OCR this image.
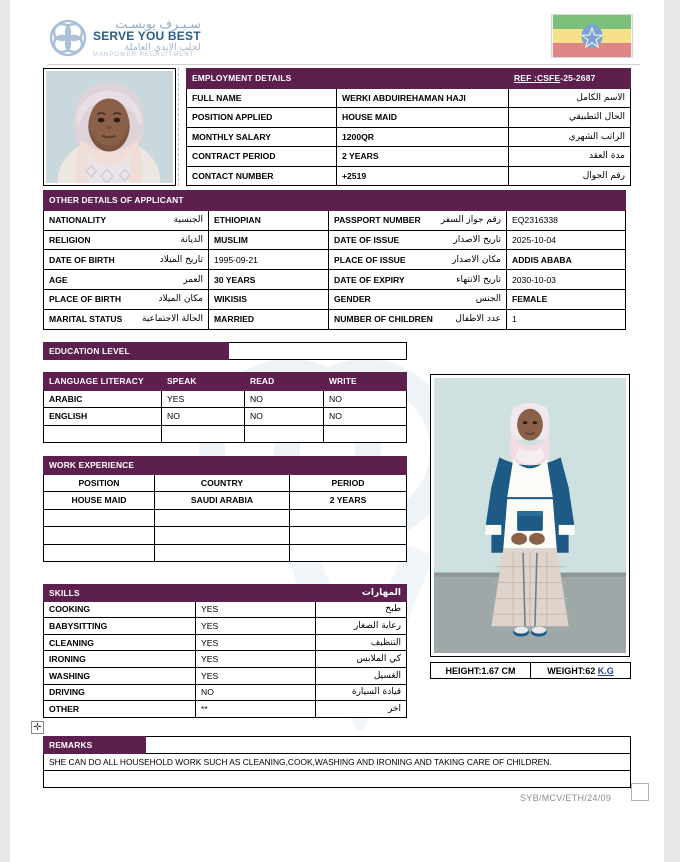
سـيـرف يوبسـت
SERVE YOU BEST
لجلب الايدي العاملة
MANPOWER RECRUITMENT
EMPLOYMENT DETAILS		REF :CSFE-25-2687
FULL NAME	WERKI ABDUIREHAMAN HAJI	الاسم الكامل
POSITION APPLIED	HOUSE MAID	الحال التطبيقي
MONTHLY SALARY	1200QR	الراتب الشهري
CONTRACT PERIOD	2 YEARS	مدة العقد
CONTACT NUMBER	+2519	رقم الجوال
OTHER DETAILS OF APPLICANT			
NATIONALITY الجنسية	ETHIOPIAN	PASSPORT NUMBER رقم جواز السفر	EQ2316338
RELIGION الديانة	MUSLIM	DATE OF ISSUE تاريخ الاصدار	2025-10-04
DATE OF BIRTH تاريخ الميلاد	1995-09-21	PLACE OF ISSUE مكان الاصدار	ADDIS ABABA
AGE العمر	30 YEARS	DATE OF EXPIRY تاريخ الانتهاء	2030-10-03
PLACE OF BIRTH مكان الميلاد	WIKISIS	GENDER الجنس	FEMALE
MARITAL STATUS الحالة الاجتماعية	MARRIED	NUMBER OF CHILDREN عدد الاطفال	1
EDUCATION LEVEL	
LANGUAGE LITERACY	SPEAK	READ	WRITE
ARABIC	YES	NO	NO
ENGLISH	NO	NO	NO

WORK EXPERIENCE		
POSITION	COUNTRY	PERIOD
HOUSE MAID	SAUDI ARABIA	2 YEARS

SKILLS	المهارات	
COOKING	YES	طبخ
BABYSITTING	YES	رعاية الصغار
CLEANING	YES	التنظيف
IRONING	YES	كي الملابس
WASHING	YES	الغسيل
DRIVING	NO	قيادة السيارة
OTHER	**	اخر
HEIGHT:1.67 CM	WEIGHT:62 K.G
REMARKS	
SHE CAN DO ALL HOUSEHOLD WORK SUCH AS CLEANING,COOK,WASHING AND IRONING AND TAKING CARE OF CHILDREN.

✛
SYB/MCV/ETH/24/09
